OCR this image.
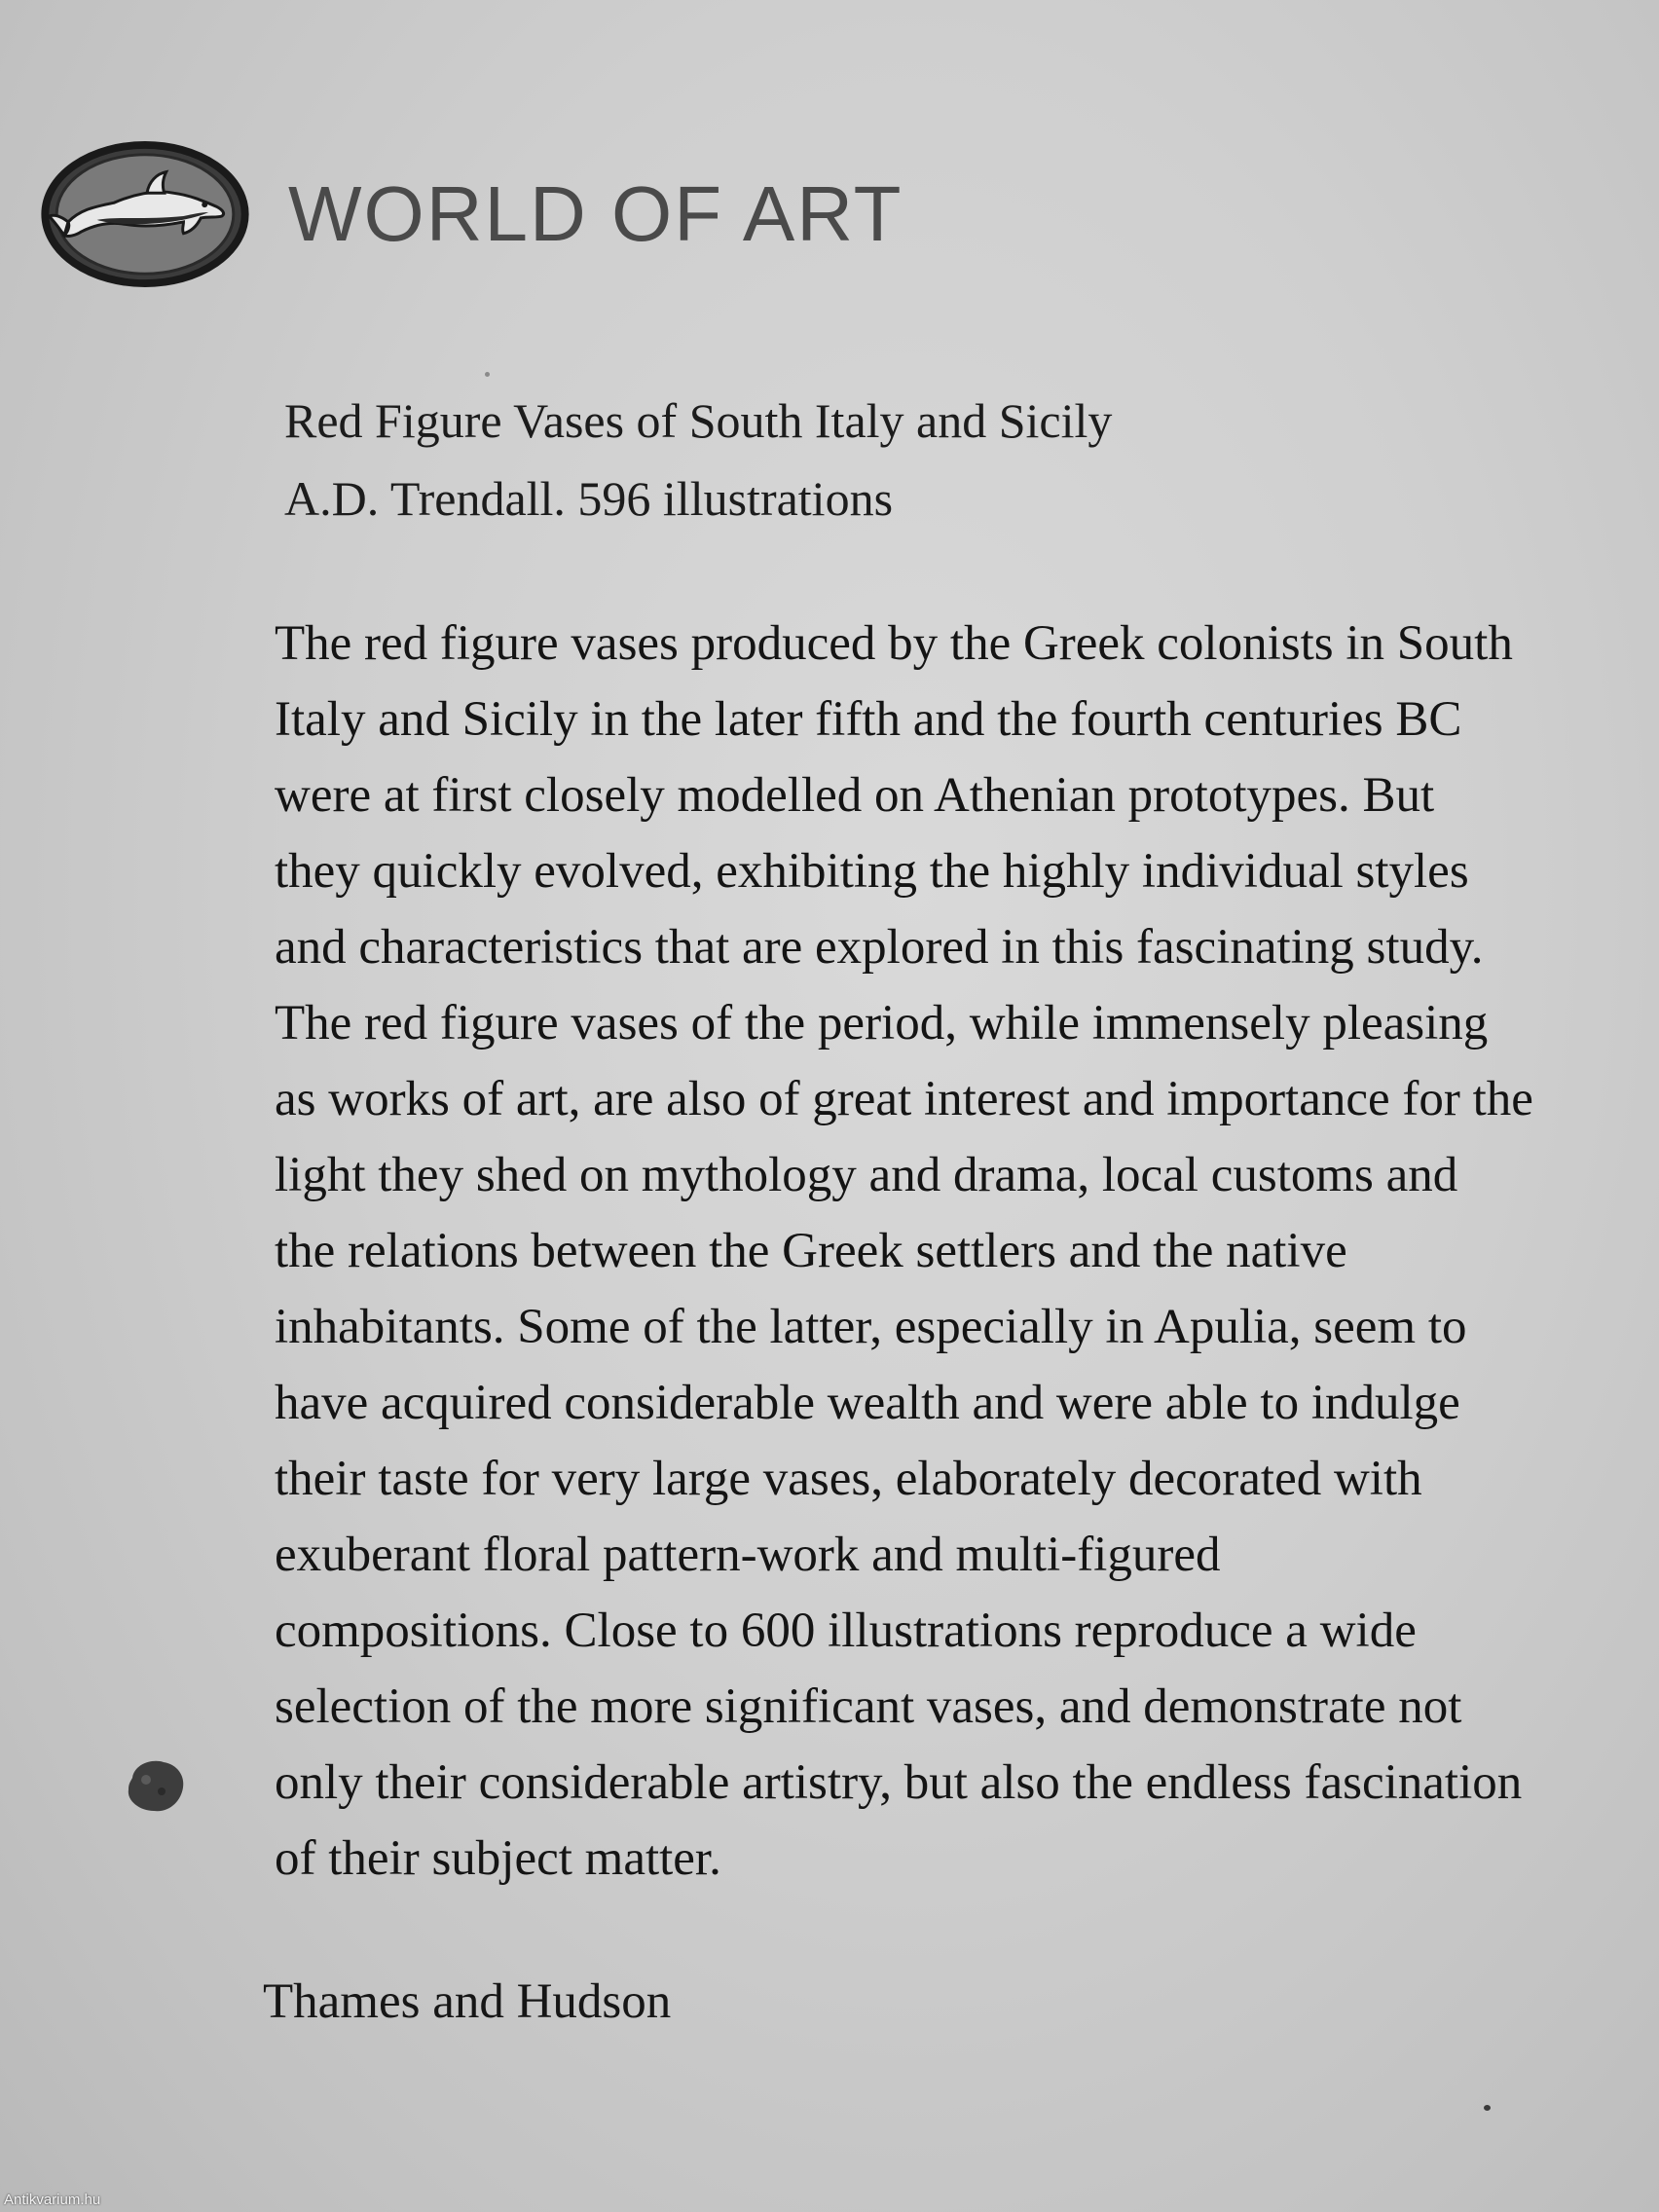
WORLD OF ART
Red Figure Vases of South Italy and Sicily
A.D. Trendall. 596 illustrations

The red figure vases produced by the Greek colonists in South
Italy and Sicily in the later fifth and the fourth centuries BC
were at first closely modelled on Athenian prototypes. But
they quickly evolved, exhibiting the highly individual styles
and characteristics that are explored in this fascinating study.
The red figure vases of the period, while immensely pleasing
as works of art, are also of great interest and importance for the
light they shed on mythology and drama, local customs and
the relations between the Greek settlers and the native
inhabitants. Some of the latter, especially in Apulia, seem to
have acquired considerable wealth and were able to indulge
their taste for very large vases, elaborately decorated with
exuberant floral pattern-work and multi-figured
compositions. Close to 600 illustrations reproduce a wide
selection of the more significant vases, and demonstrate not
only their considerable artistry, but also the endless fascination
of their subject matter.

Thames and Hudson
Antikvarium.hu
